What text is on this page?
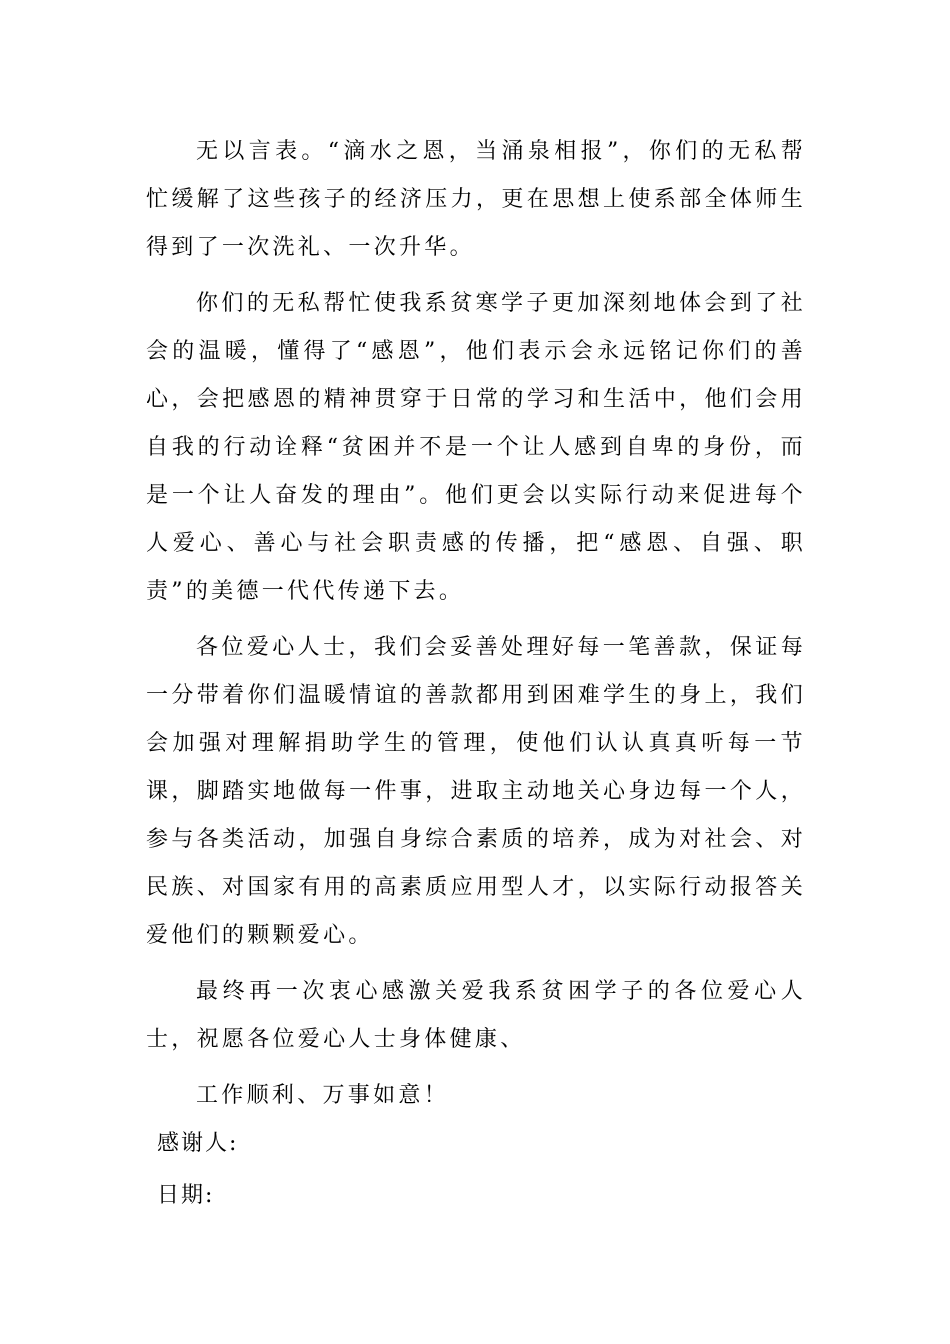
无以言表。“滴水之恩，当涌泉相报”，你们的无私帮忙缓解了这些孩子的经济压力，更在思想上使系部全体师生得到了一次洗礼、一次升华。

你们的无私帮忙使我系贫寒学子更加深刻地体会到了社会的温暖，懂得了“感恩”，他们表示会永远铭记你们的善心，会把感恩的精神贯穿于日常的学习和生活中，他们会用自我的行动诠释“贫困并不是一个让人感到自卑的身份，而是一个让人奋发的理由”。他们更会以实际行动来促进每个人爱心、善心与社会职责感的传播，把“感恩、自强、职责”的美德一代代传递下去。

各位爱心人士，我们会妥善处理好每一笔善款，保证每一分带着你们温暖情谊的善款都用到困难学生的身上，我们会加强对理解捐助学生的管理，使他们认认真真听每一节课，脚踏实地做每一件事，进取主动地关心身边每一个人，参与各类活动，加强自身综合素质的培养，成为对社会、对民族、对国家有用的高素质应用型人才，以实际行动报答关爱他们的颗颗爱心。

最终再一次衷心感激关爱我系贫困学子的各位爱心人士，祝愿各位爱心人士身体健康、

工作顺利、万事如意！

感谢人:

日期:
